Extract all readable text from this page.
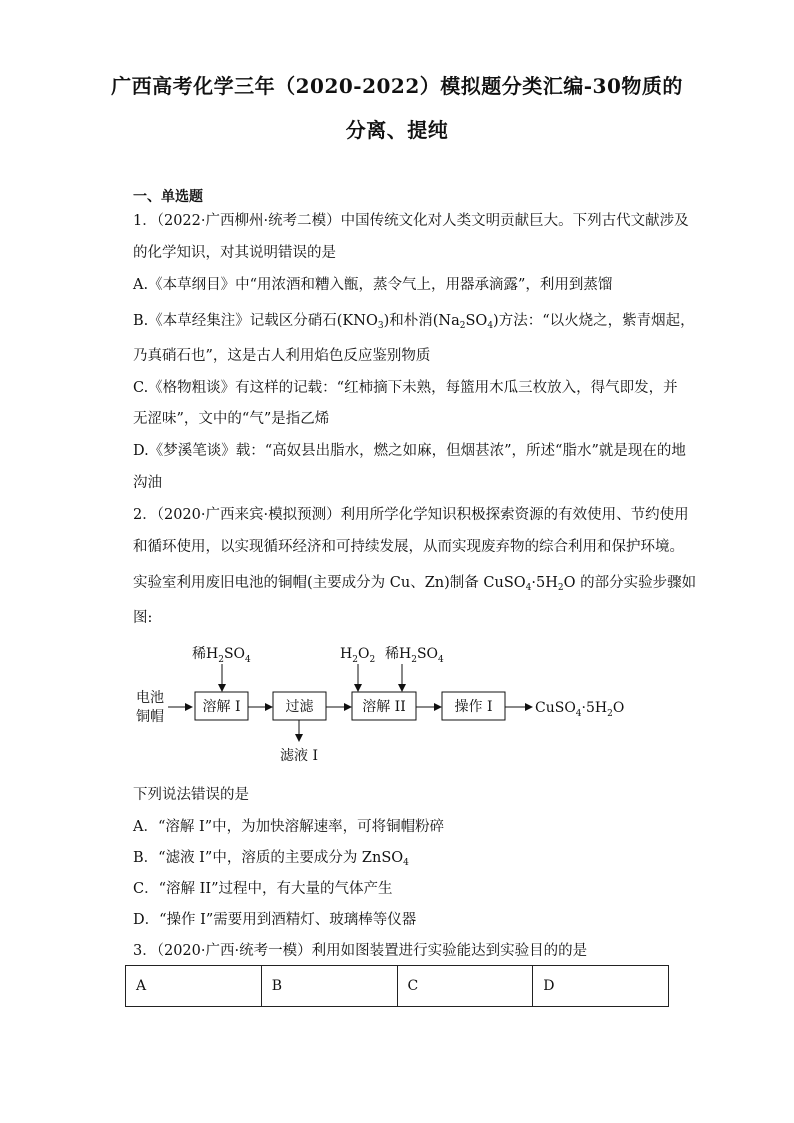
广西高考化学三年（2020-2022）模拟题分类汇编-30物质的
分离、提纯
一、单选题
1．（2022·广西柳州·统考二模）中国传统文化对人类文明贡献巨大。下列古代文献涉及
的化学知识，对其说明错误的是
A.《本草纲目》中“用浓酒和糟入甑，蒸令气上，用器承滴露”，利用到蒸馏
B.《本草经集注》记载区分硝石$(KNO_3)$和朴消$(Na_2SO_4)$方法：“以火烧之，紫青烟起，
乃真硝石也”，这是古人利用焰色反应鉴别物质
C.《格物粗谈》有这样的记载：“红柿摘下未熟，每篮用木瓜三枚放入，得气即发，并
无涩味”，文中的“气”是指乙烯
D.《梦溪笔谈》载：“高奴县出脂水，燃之如麻，但烟甚浓”，所述“脂水”就是现在的地
沟油
2．（2020·广西来宾·模拟预测）利用所学化学知识积极探索资源的有效使用、节约使用
和循环使用，以实现循环经济和可持续发展，从而实现废弃物的综合利用和保护环境。
实验室利用废旧电池的铜帽(主要成分为 Cu、Zn)制备 $CuSO_4\cdot 5H_2O$ 的部分实验步骤如
图:
电池
铜帽
稀$H_2SO_4$
溶解 I	过滤
滤液 I
$H_2O_2$ 稀$H_2SO_4$
溶解 II	操作 I	$CuSO_4\cdot 5H_2O$
下列说法错误的是
A．“溶解 I”中，为加快溶解速率，可将铜帽粉碎
B．“滤液 I”中，溶质的主要成分为 ZnSO$_4$
C．“溶解 II”过程中，有大量的气体产生
D．“操作 I”需要用到酒精灯、玻璃棒等仪器
3．（2020·广西·统考一模）利用如图装置进行实验能达到实验目的的是
A	B	C	D
